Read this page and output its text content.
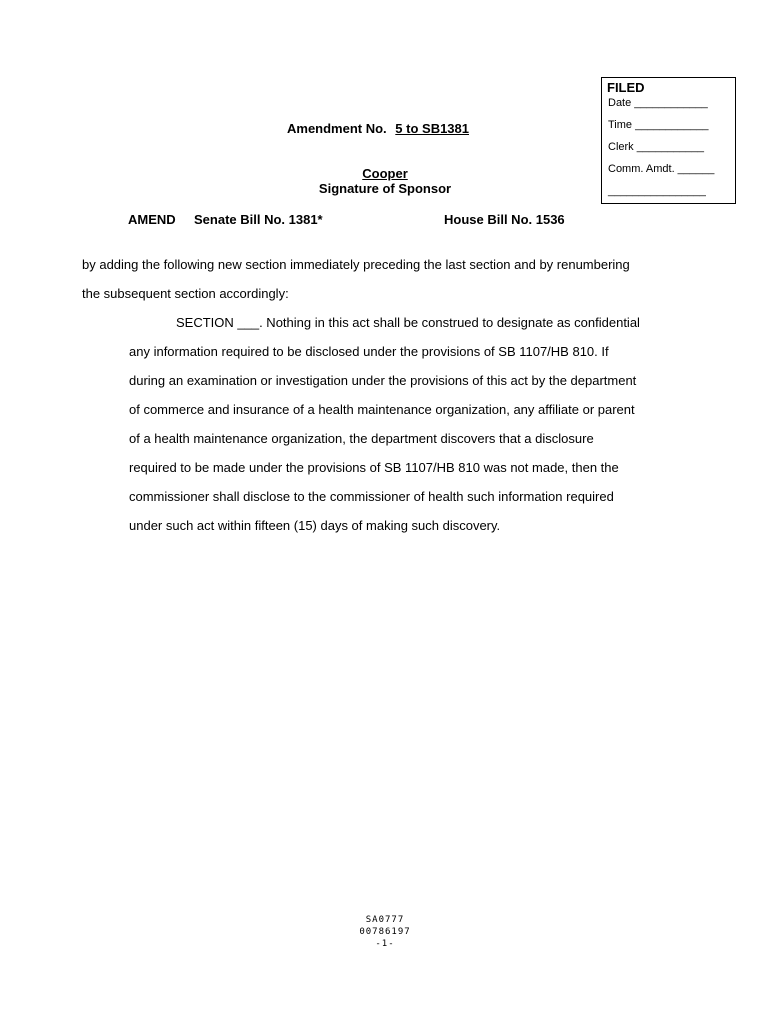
FILED
Date ____________
Time ____________
Clerk ___________
Comm. Amdt. ______
________________
Amendment No. 5 to SB1381
Cooper
Signature of Sponsor
AMEND Senate Bill No. 1381*	House Bill No. 1536
by adding the following new section immediately preceding the last section and by renumbering
the subsequent section accordingly:
SECTION ___. Nothing in this act shall be construed to designate as confidential
any information required to be disclosed under the provisions of SB 1107/HB 810. If
during an examination or investigation under the provisions of this act by the department
of commerce and insurance of a health maintenance organization, any affiliate or parent
of a health maintenance organization, the department discovers that a disclosure
required to be made under the provisions of SB 1107/HB 810 was not made, then the
commissioner shall disclose to the commissioner of health such information required
under such act within fifteen (15) days of making such discovery.
SA0777
00786197
-1-
